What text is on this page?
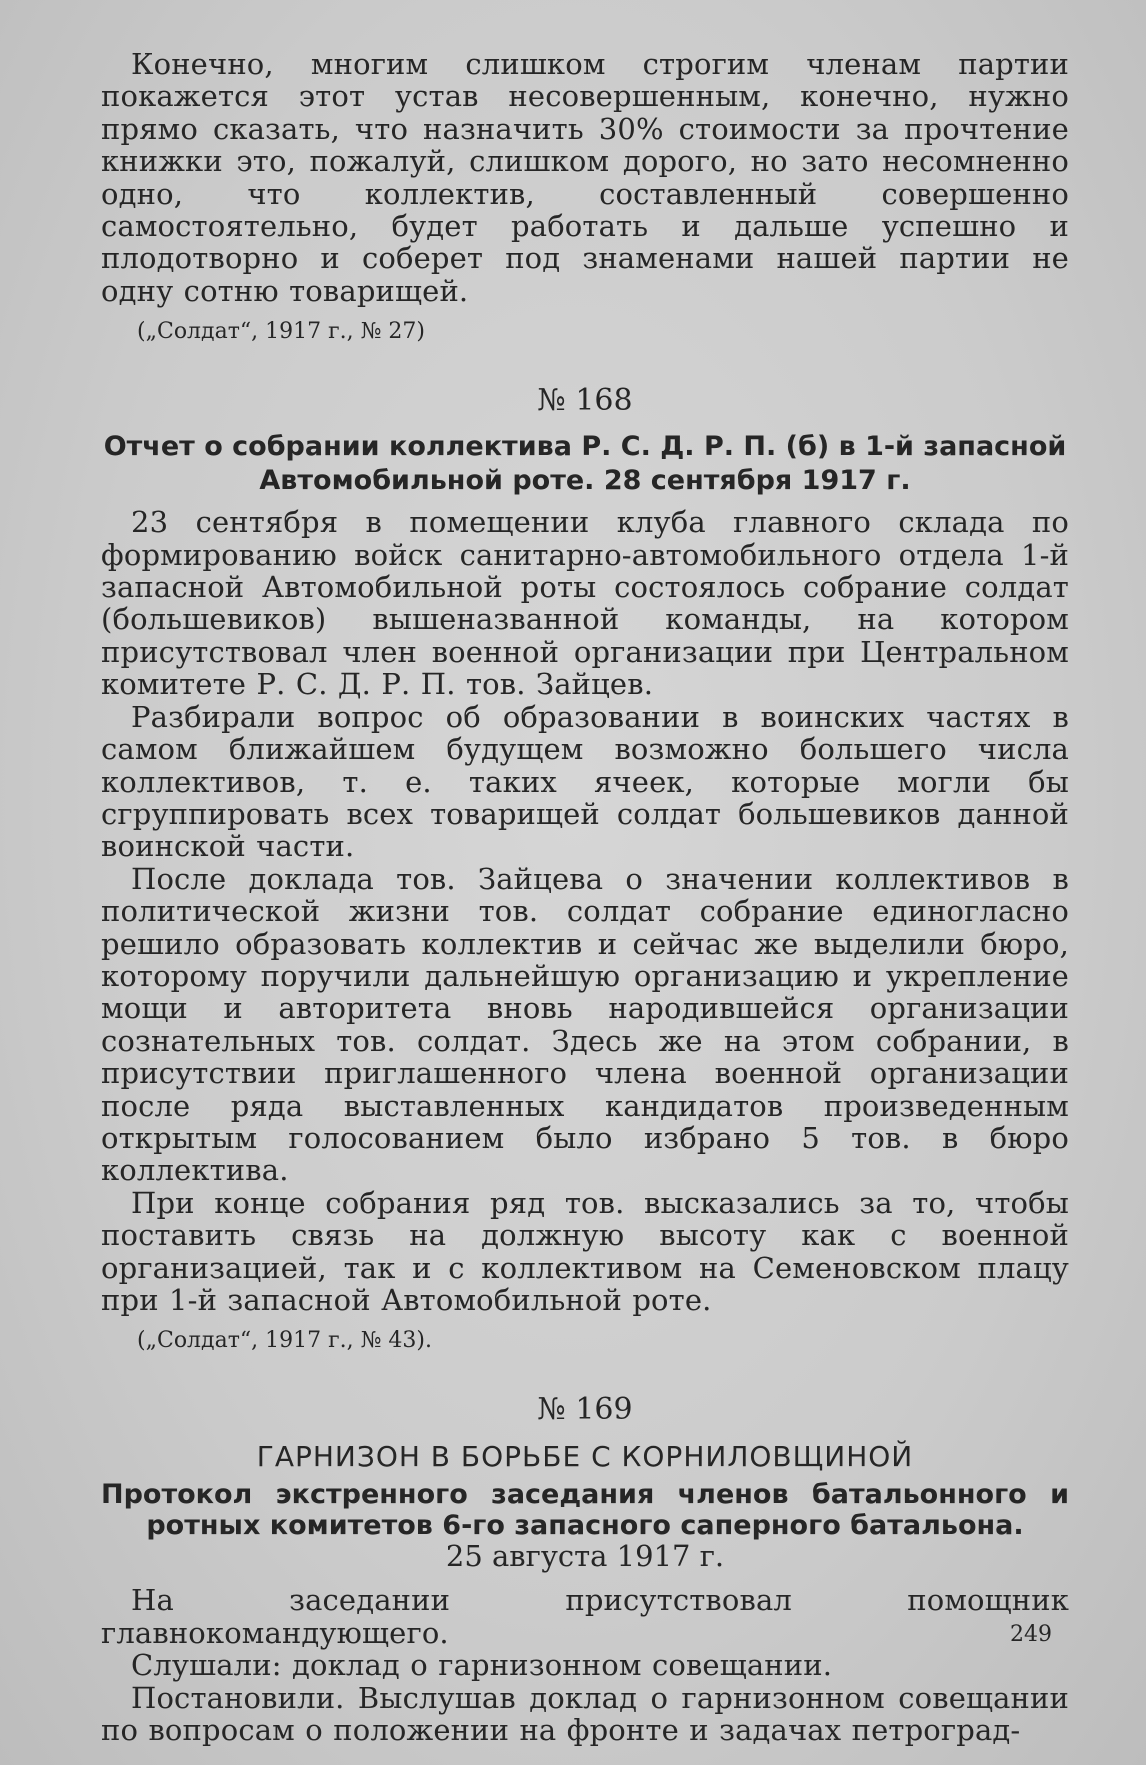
Конечно, многим слишком строгим членам партии покажется этот устав несовершенным, конечно, нужно прямо сказать, что назначить 30% стоимости за прочтение книжки это, пожалуй, слишком дорого, но зато несомненно одно, что коллектив, составленный совершенно самостоятельно, будет работать и дальше успешно и плодотворно и соберет под знаменами нашей партии не одну сотню товарищей.

(„Солдат“, 1917 г., № 27)
№ 168
Отчет о собрании коллектива Р. С. Д. Р. П. (б) в 1-й запасной
Автомобильной роте. 28 сентября 1917 г.

23 сентября в помещении клуба главного склада по формированию войск санитарно-автомобильного отдела 1-й запасной Автомобильной роты состоялось собрание солдат (большевиков) вышеназванной команды, на котором присутствовал член военной организации при Центральном комитете Р. С. Д. Р. П. тов. Зайцев.

Разбирали вопрос об образовании в воинских частях в самом ближайшем будущем возможно большего числа коллективов, т. е. таких ячеек, которые могли бы сгруппировать всех товарищей солдат большевиков данной воинской части.

После доклада тов. Зайцева о значении коллективов в политической жизни тов. солдат собрание единогласно решило образовать коллектив и сейчас же выделили бюро, которому поручили дальнейшую организацию и укрепление мощи и авторитета вновь народившейся организации сознательных тов. солдат. Здесь же на этом собрании, в присутствии приглашенного члена военной организации после ряда выставленных кандидатов произведенным открытым голосованием было избрано 5 тов. в бюро коллектива.

При конце собрания ряд тов. высказались за то, чтобы поставить связь на должную высоту как с военной организацией, так и с коллективом на Семеновском плацу при 1-й запасной Автомобильной роте.

(„Солдат“, 1917 г., № 43).
№ 169
ГАРНИЗОН В БОРЬБЕ С КОРНИЛОВЩИНОЙ
Протокол экстренного заседания членов батальонного и ротных комитетов 6-го запасного саперного батальона.
25 августа 1917 г.

На заседании присутствовал помощник главнокомандующего.

Слушали: доклад о гарнизонном совещании.

Постановили. Выслушав доклад о гарнизонном совещании по вопросам о положении на фронте и задачах петроград-

249
